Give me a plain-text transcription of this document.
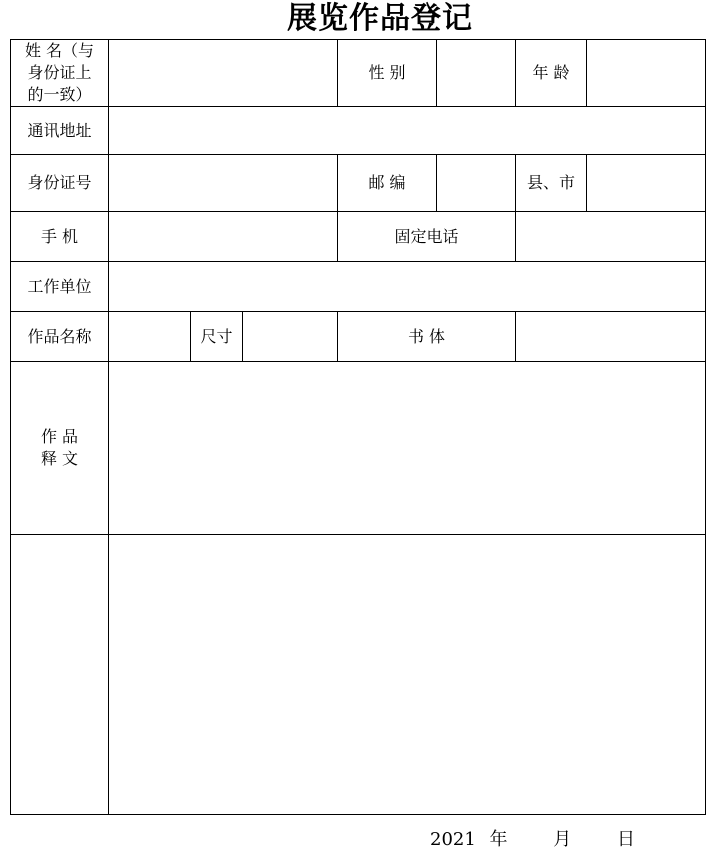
展览作品登记
姓 名（与
身份证上
的一致）				性 别		年 龄	
通讯地址							
身份证号				邮 编		县、市	
手 机				固定电话			
工作单位							
作品名称		尺寸		书 体			
作 品
释 文							

2021 年	月	日
